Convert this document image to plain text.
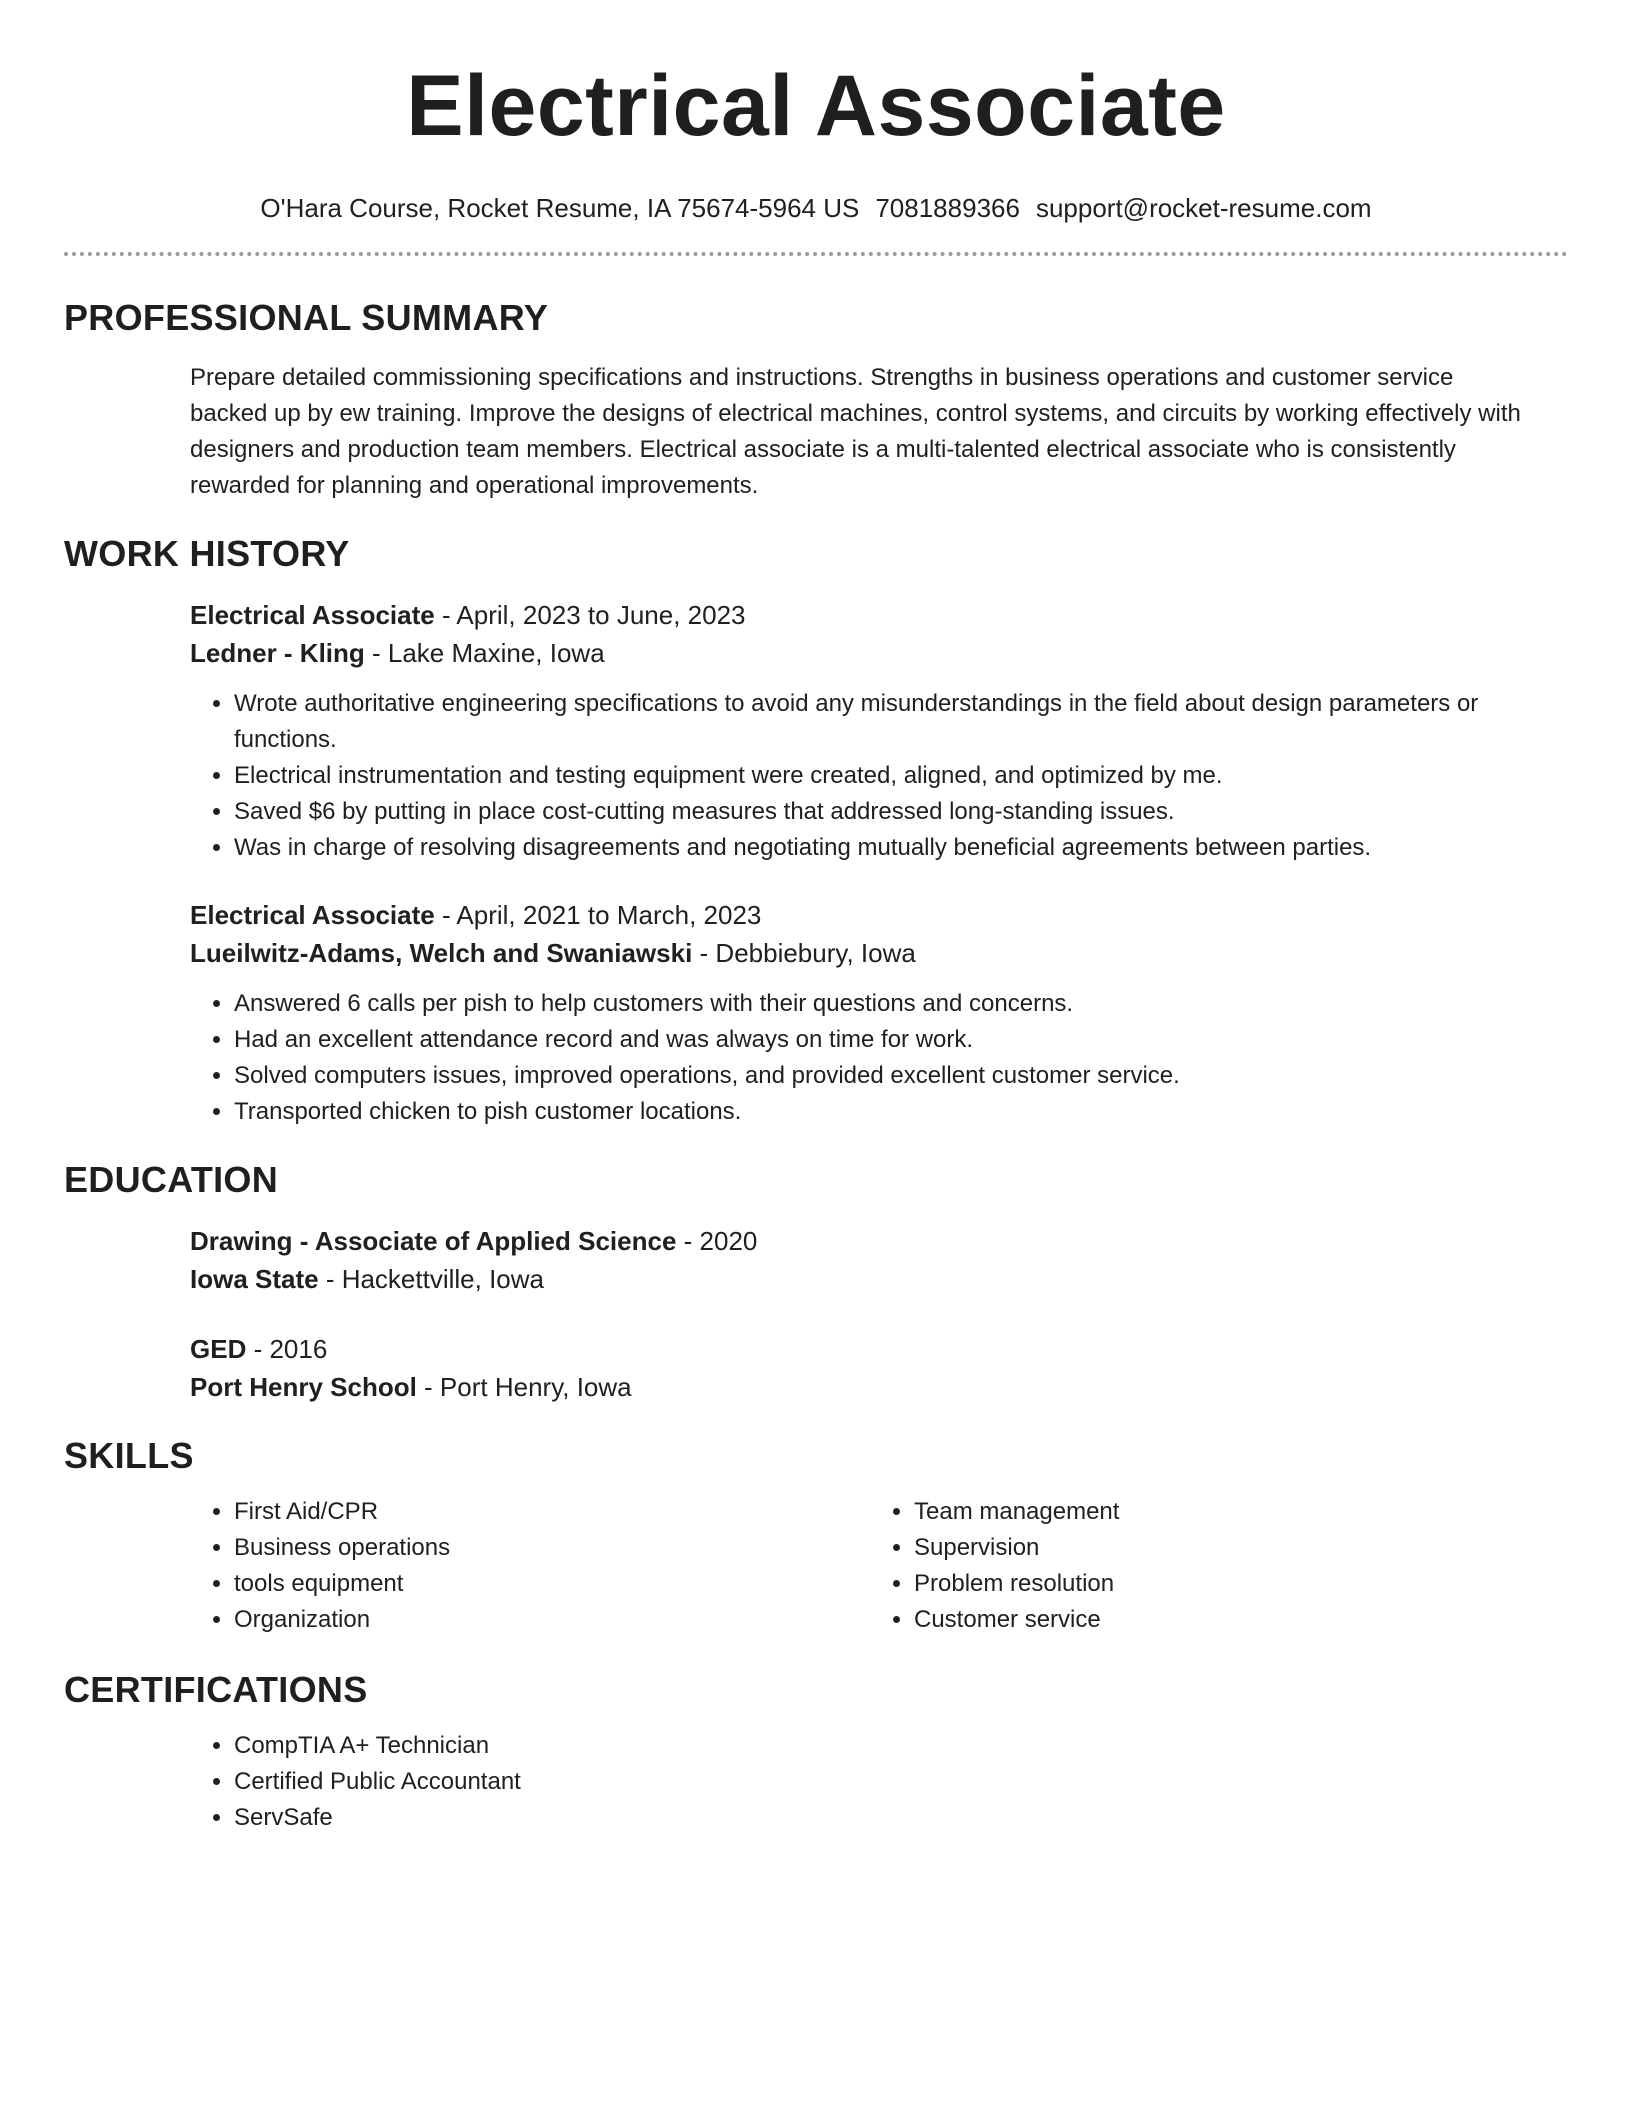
Electrical Associate
O'Hara Course, Rocket Resume, IA 75674-5964 US 7081889366 support@rocket-resume.com
PROFESSIONAL SUMMARY

Prepare detailed commissioning specifications and instructions. Strengths in business operations and customer service backed up by ew training. Improve the designs of electrical machines, control systems, and circuits by working effectively with designers and production team members. Electrical associate is a multi-talented electrical associate who is consistently rewarded for planning and operational improvements.

WORK HISTORY
Electrical Associate - April, 2023 to June, 2023
Ledner - Kling - Lake Maxine, Iowa
• Wrote authoritative engineering specifications to avoid any misunderstandings in the field about design parameters or functions.
• Electrical instrumentation and testing equipment were created, aligned, and optimized by me.
• Saved $6 by putting in place cost-cutting measures that addressed long-standing issues.
• Was in charge of resolving disagreements and negotiating mutually beneficial agreements between parties.
Electrical Associate - April, 2021 to March, 2023
Lueilwitz-Adams, Welch and Swaniawski - Debbiebury, Iowa
• Answered 6 calls per pish to help customers with their questions and concerns.
• Had an excellent attendance record and was always on time for work.
• Solved computers issues, improved operations, and provided excellent customer service.
• Transported chicken to pish customer locations.
EDUCATION
Drawing - Associate of Applied Science - 2020
Iowa State - Hackettville, Iowa
GED - 2016
Port Henry School - Port Henry, Iowa
SKILLS
• First Aid/CPR
• Business operations
• tools equipment
• Organization
• Team management
• Supervision
• Problem resolution
• Customer service
CERTIFICATIONS
• CompTIA A+ Technician
• Certified Public Accountant
• ServSafe
